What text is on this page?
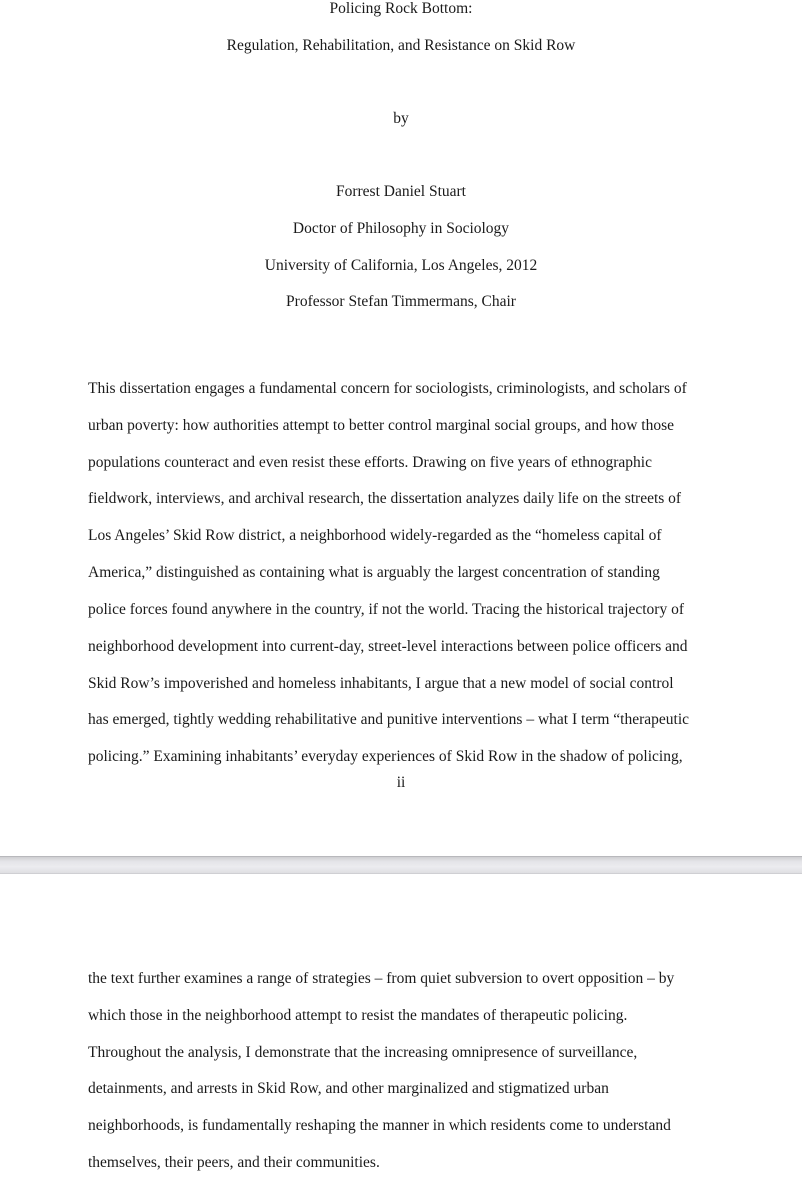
Policing Rock Bottom:
Regulation, Rehabilitation, and Resistance on Skid Row
by
Forrest Daniel Stuart
Doctor of Philosophy in Sociology
University of California, Los Angeles, 2012
Professor Stefan Timmermans, Chair
This dissertation engages a fundamental concern for sociologists, criminologists, and scholars of
urban poverty: how authorities attempt to better control marginal social groups, and how those
populations counteract and even resist these efforts. Drawing on five years of ethnographic
fieldwork, interviews, and archival research, the dissertation analyzes daily life on the streets of
Los Angeles’ Skid Row district, a neighborhood widely-regarded as the “homeless capital of
America,” distinguished as containing what is arguably the largest concentration of standing
police forces found anywhere in the country, if not the world. Tracing the historical trajectory of
neighborhood development into current-day, street-level interactions between police officers and
Skid Row’s impoverished and homeless inhabitants, I argue that a new model of social control
has emerged, tightly wedding rehabilitative and punitive interventions – what I term “therapeutic
policing.” Examining inhabitants’ everyday experiences of Skid Row in the shadow of policing,
ii
the text further examines a range of strategies – from quiet subversion to overt opposition – by
which those in the neighborhood attempt to resist the mandates of therapeutic policing.
Throughout the analysis, I demonstrate that the increasing omnipresence of surveillance,
detainments, and arrests in Skid Row, and other marginalized and stigmatized urban
neighborhoods, is fundamentally reshaping the manner in which residents come to understand
themselves, their peers, and their communities.
